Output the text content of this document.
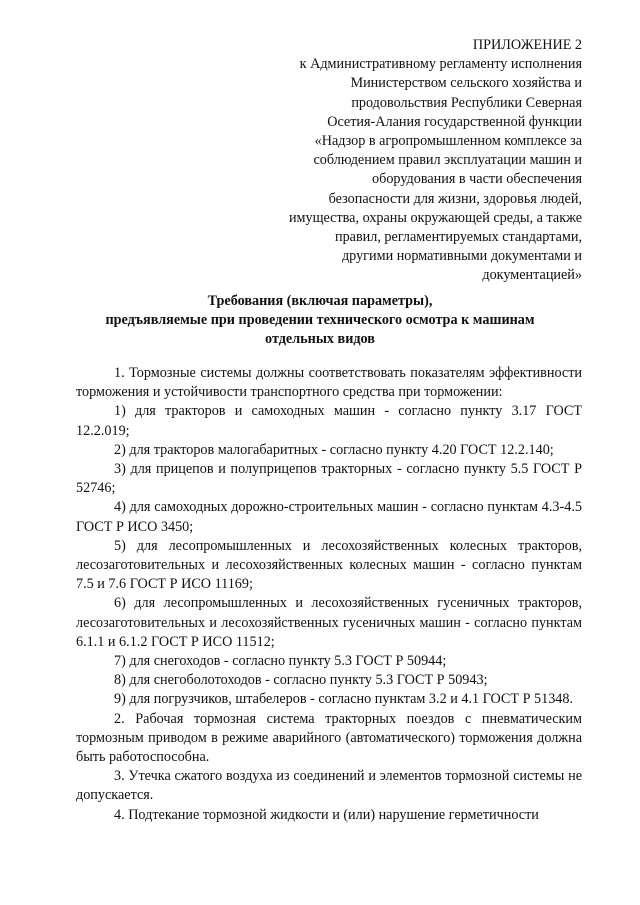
ПРИЛОЖЕНИЕ 2
к Административному регламенту исполнения
Министерством сельского хозяйства и
продовольствия Республики Северная
Осетия-Алания государственной функции
«Надзор в агропромышленном комплексе за
соблюдением правил эксплуатации машин и
оборудования в части обеспечения
безопасности для жизни, здоровья людей,
имущества, охраны окружающей среды, а также
правил, регламентируемых стандартами,
другими нормативными документами и
документацией»
Требования (включая параметры),
предъявляемые при проведении технического осмотра к машинам
отдельных видов

1. Тормозные системы должны соответствовать показателям эффективности торможения и устойчивости транспортного средства при торможении:

1) для тракторов и самоходных машин - согласно пункту 3.17 ГОСТ 12.2.019;

2) для тракторов малогабаритных - согласно пункту 4.20 ГОСТ 12.2.140;

3) для прицепов и полуприцепов тракторных - согласно пункту 5.5 ГОСТ Р 52746;

4) для самоходных дорожно-строительных машин - согласно пунктам 4.3-4.5 ГОСТ Р ИСО 3450;

5) для лесопромышленных и лесохозяйственных колесных тракторов, лесозаготовительных и лесохозяйственных колесных машин - согласно пунктам 7.5 и 7.6 ГОСТ Р ИСО 11169;

6) для лесопромышленных и лесохозяйственных гусеничных тракторов, лесозаготовительных и лесохозяйственных гусеничных машин - согласно пунктам 6.1.1 и 6.1.2 ГОСТ Р ИСО 11512;

7) для снегоходов - согласно пункту 5.3 ГОСТ Р 50944;

8) для снегоболотоходов - согласно пункту 5.3 ГОСТ Р 50943;

9) для погрузчиков, штабелеров - согласно пунктам 3.2 и 4.1 ГОСТ Р 51348.

2. Рабочая тормозная система тракторных поездов с пневматическим тормозным приводом в режиме аварийного (автоматического) торможения должна быть работоспособна.

3. Утечка сжатого воздуха из соединений и элементов тормозной системы не допускается.

4. Подтекание тормозной жидкости и (или) нарушение герметичности
